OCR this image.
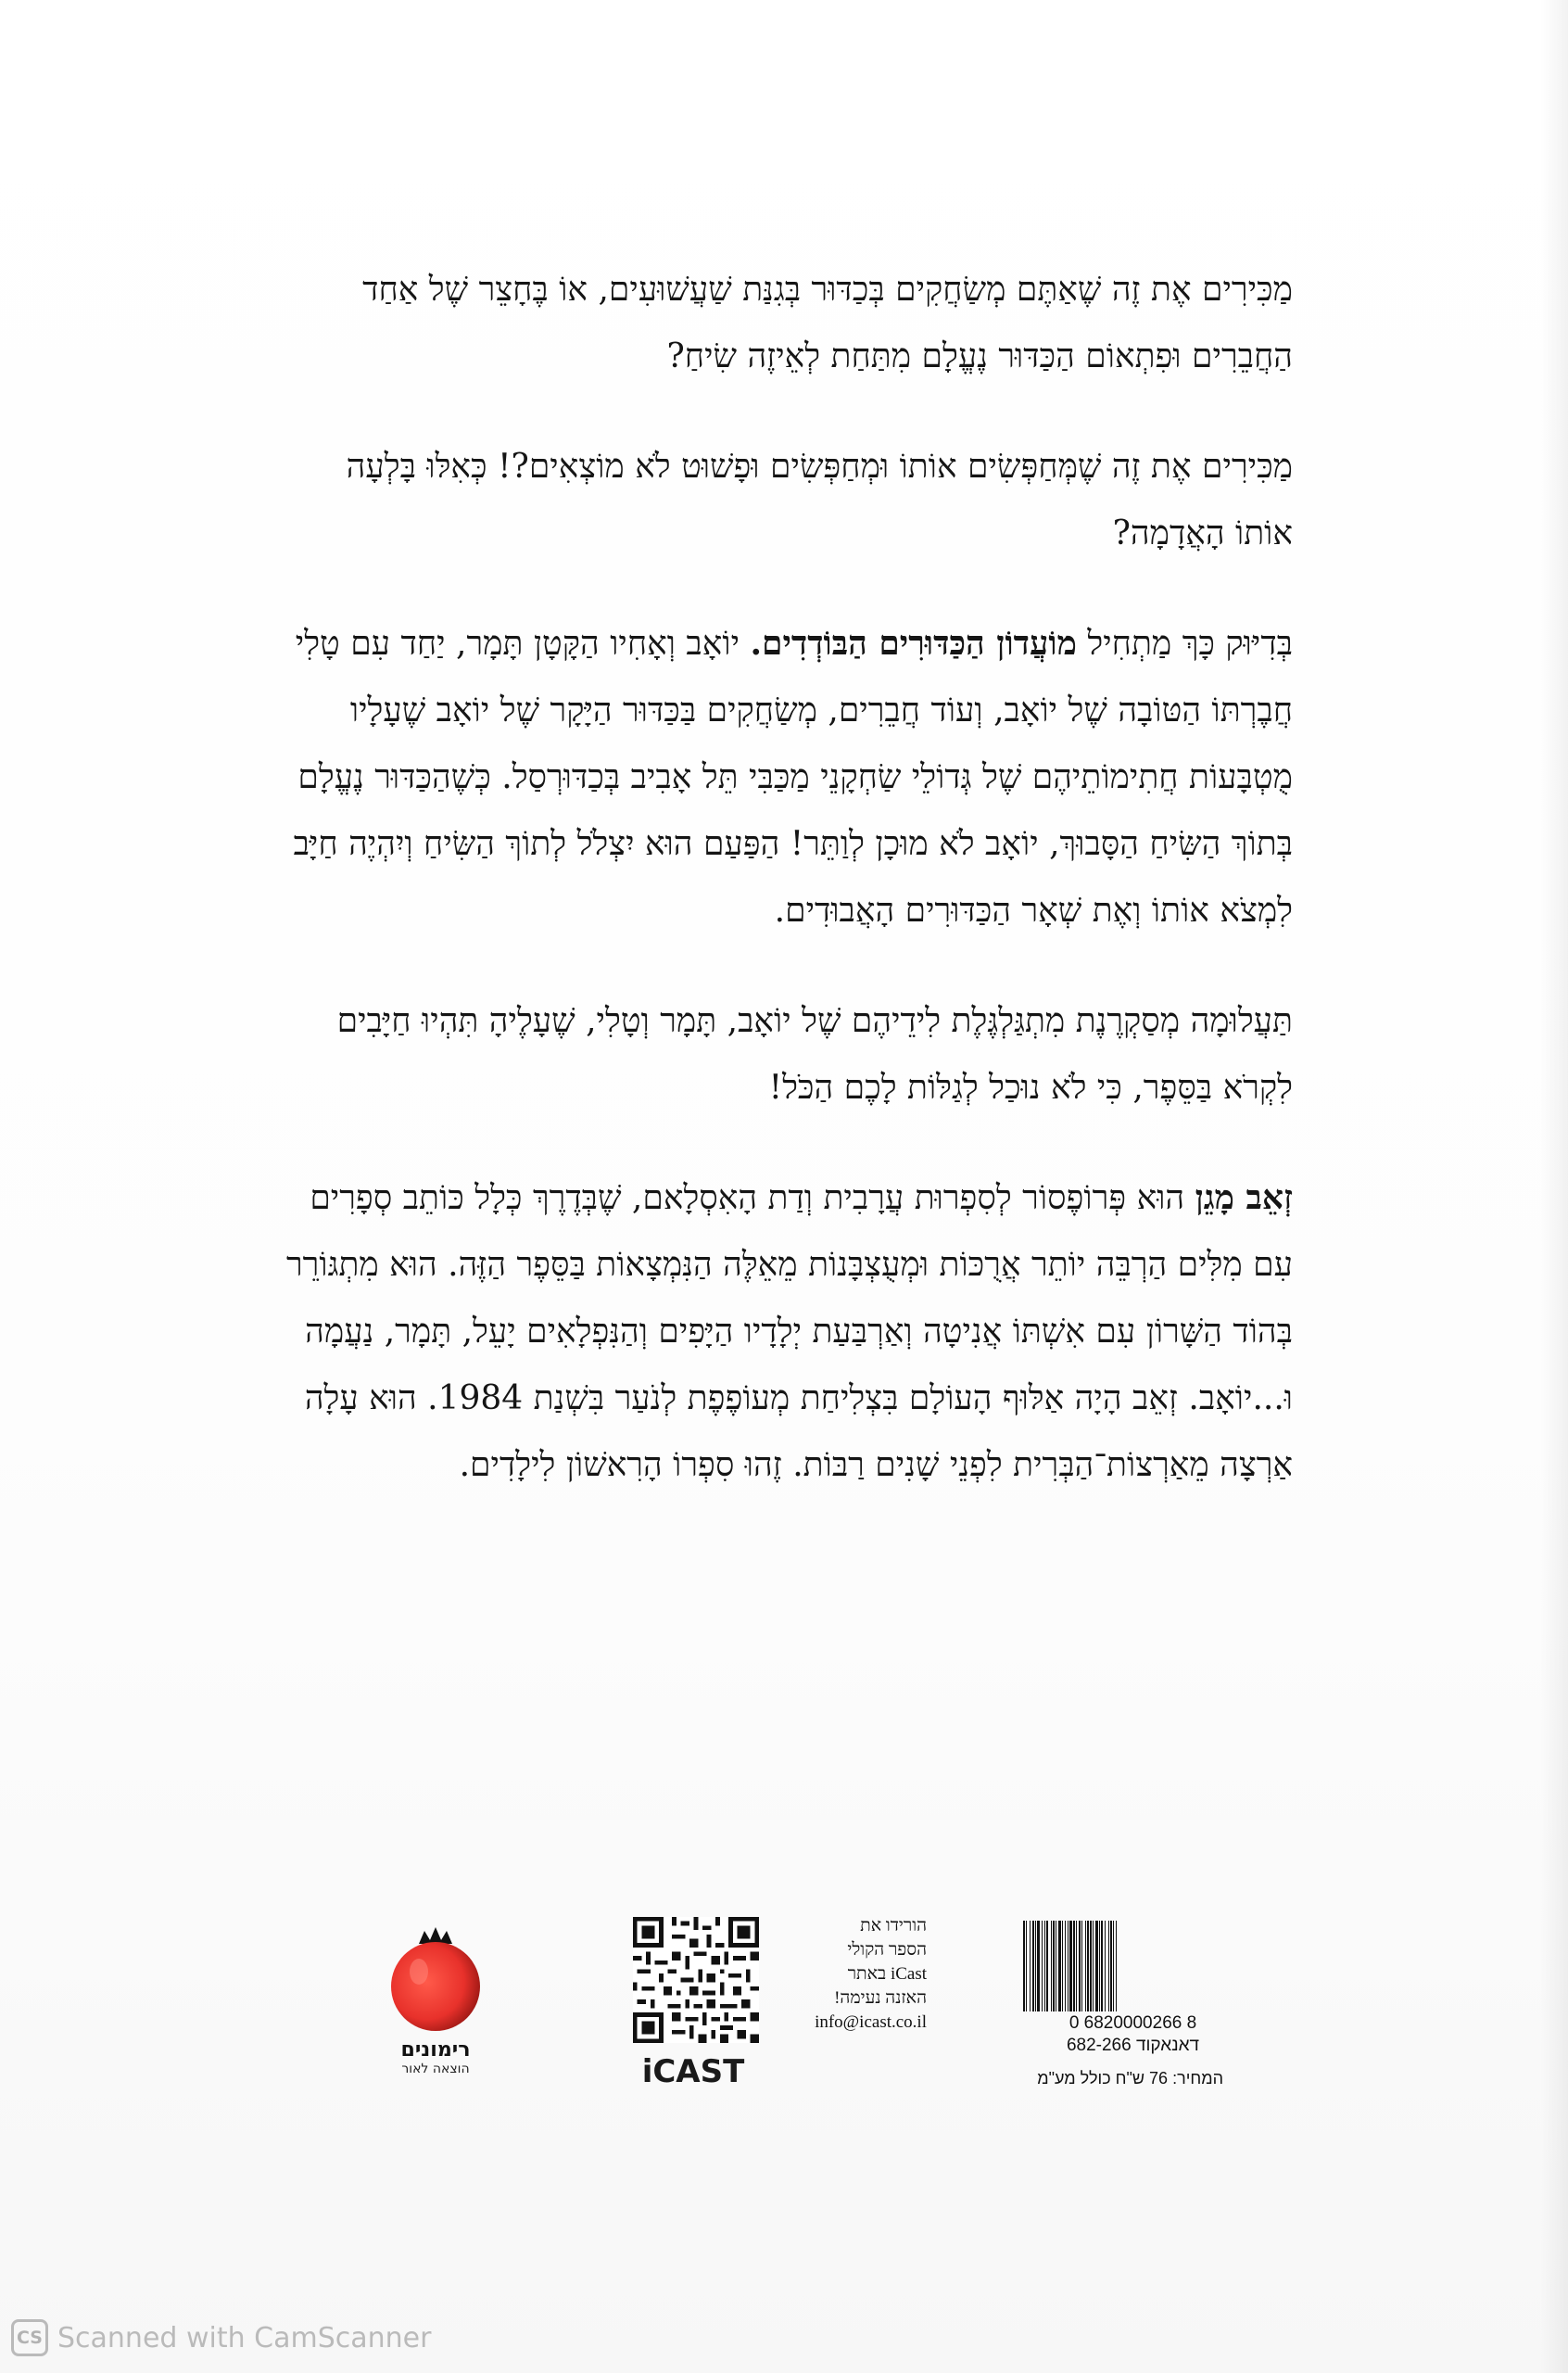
מַכִּירִים אֶת זֶה שֶׁאַתֶּם מְשַׂחֲקִים בְּכַדּוּר בְּגִנַּת שַׁעֲשׁוּעִים, אוֹ בֶּחָצֵר שֶׁל אַחַד הַחֲבֵרִים וּפִתְאוֹם הַכַּדּוּר נֶעֱלָם מִתַּחַת לְאֵיזֶה שִׂיחַ?

מַכִּירִים אֶת זֶה שֶׁמְּחַפְּשִׂים אוֹתוֹ וּמְחַפְּשִׂים וּפָשׁוּט לֹא מוֹצְאִים?! כְּאִלּוּ בָּלְעָה אוֹתוֹ הָאֲדָמָה?

בְּדִיּוּק כָּךְ מַתְחִיל מוֹעֲדוֹן הַכַּדּוּרִים הַבּוֹדְדִים. יוֹאָב וְאָחִיו הַקָּטָן תָּמָר, יַחַד עִם טָלִי חֲבֶרְתּוֹ הַטּוֹבָה שֶׁל יוֹאָב, וְעוֹד חֲבֵרִים, מְשַׂחֲקִים בַּכַּדּוּר הַיָּקָר שֶׁל יוֹאָב שֶׁעָלָיו מֻטְבָּעוֹת חֲתִימוֹתֵיהֶם שֶׁל גְּדוֹלֵי שַׂחְקָנֵי מַכַּבִּי תֵּל אָבִיב בְּכַדּוּרְסַל. כְּשֶׁהַכַּדּוּר נֶעֱלָם בְּתוֹךְ הַשִּׂיחַ הַסָּבוּךְ, יוֹאָב לֹא מוּכָן לְוַתֵּר! הַפַּעַם הוּא יִצְלֹל לְתוֹךְ הַשִּׂיחַ וְיִהְיֶה חַיָּב לִמְצֹא אוֹתוֹ וְאֶת שְׁאָר הַכַּדּוּרִים הָאֲבוּדִים.

תַּעֲלוּמָה מְסַקְרֶנֶת מִתְגַּלְגֶּלֶת לִידֵיהֶם שֶׁל יוֹאָב, תָּמָר וְטָלִי, שֶׁעָלֶיהָ תִּהְיוּ חַיָּבִים לִקְרֹא בַּסֵּפֶר, כִּי לֹא נוּכַל לְגַלּוֹת לָכֶם הַכֹּל!

זְאֵב מָגֵן הוּא פְּרוֹפֶסוֹר לְסִפְרוּת עֲרָבִית וְדַת הָאִסְלָאם, שֶׁבְּדֶרֶךְ כְּלָל כּוֹתֵב סְפָרִים עִם מִלִּים הַרְבֵּה יוֹתֵר אֲרֻכּוֹת וּמְעֻצְבָּנוֹת מֵאֵלֶּה הַנִּמְצָאוֹת בַּסֵּפֶר הַזֶּה. הוּא מִתְגּוֹרֵר בְּהוֹד הַשָּׁרוֹן עִם אִשְׁתּוֹ אֲנִיטָה וְאַרְבַּעַת יְלָדָיו הַיָּפִים וְהַנִּפְלָאִים יָעֵל, תָּמָר, נַעֲמָה וּ...יוֹאָב. זְאֵב הָיָה אַלּוּף הָעוֹלָם בִּצְלִיחַת מְעוֹפֶפֶת לְנֹעַר בִּשְׁנַת 1984. הוּא עָלָה אַרְצָה מֵאַרְצוֹת־הַבְּרִית לִפְנֵי שָׁנִים רַבּוֹת. זֶהוּ סִפְרוֹ הָרִאשׁוֹן לִילָדִים.

רימונים
הוצאה לאור	iCAST
הורידו את
הספר הקולי
iCast באתר
האזנה נעימה!
info@icast.co.il	0 6820000266 8
דאנאקוד 682-266
המחיר: 76 ש"ח כולל מע"מ
CS Scanned with CamScanner
